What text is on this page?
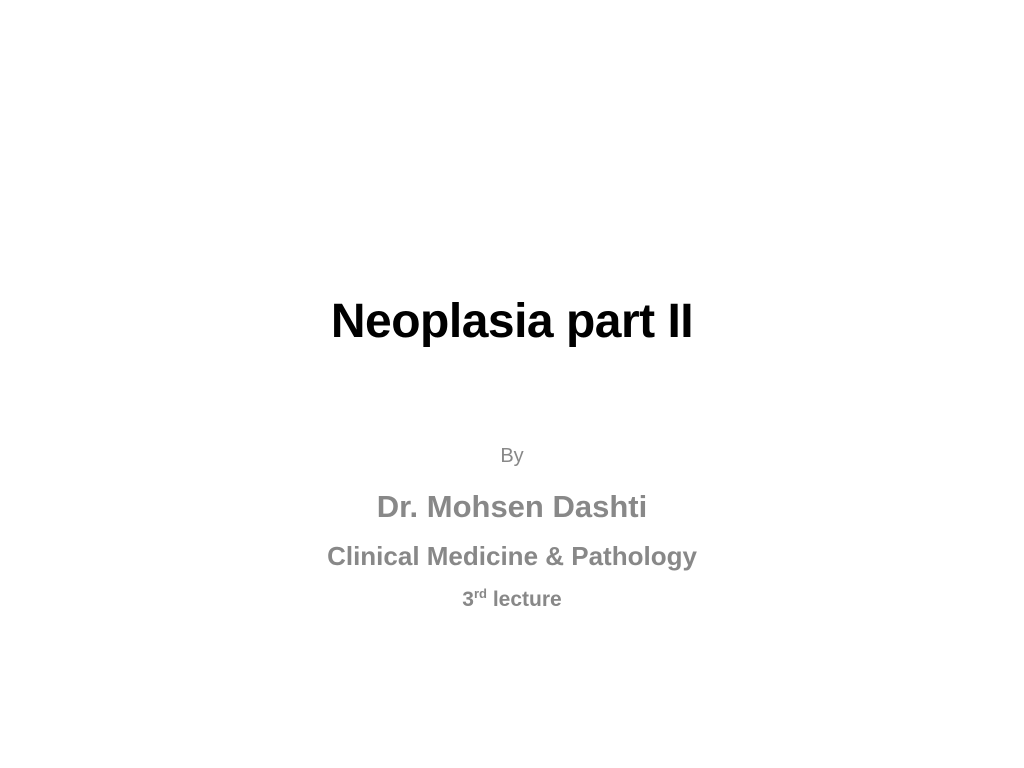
Neoplasia part II
By
Dr. Mohsen Dashti
Clinical Medicine & Pathology
3rd lecture
